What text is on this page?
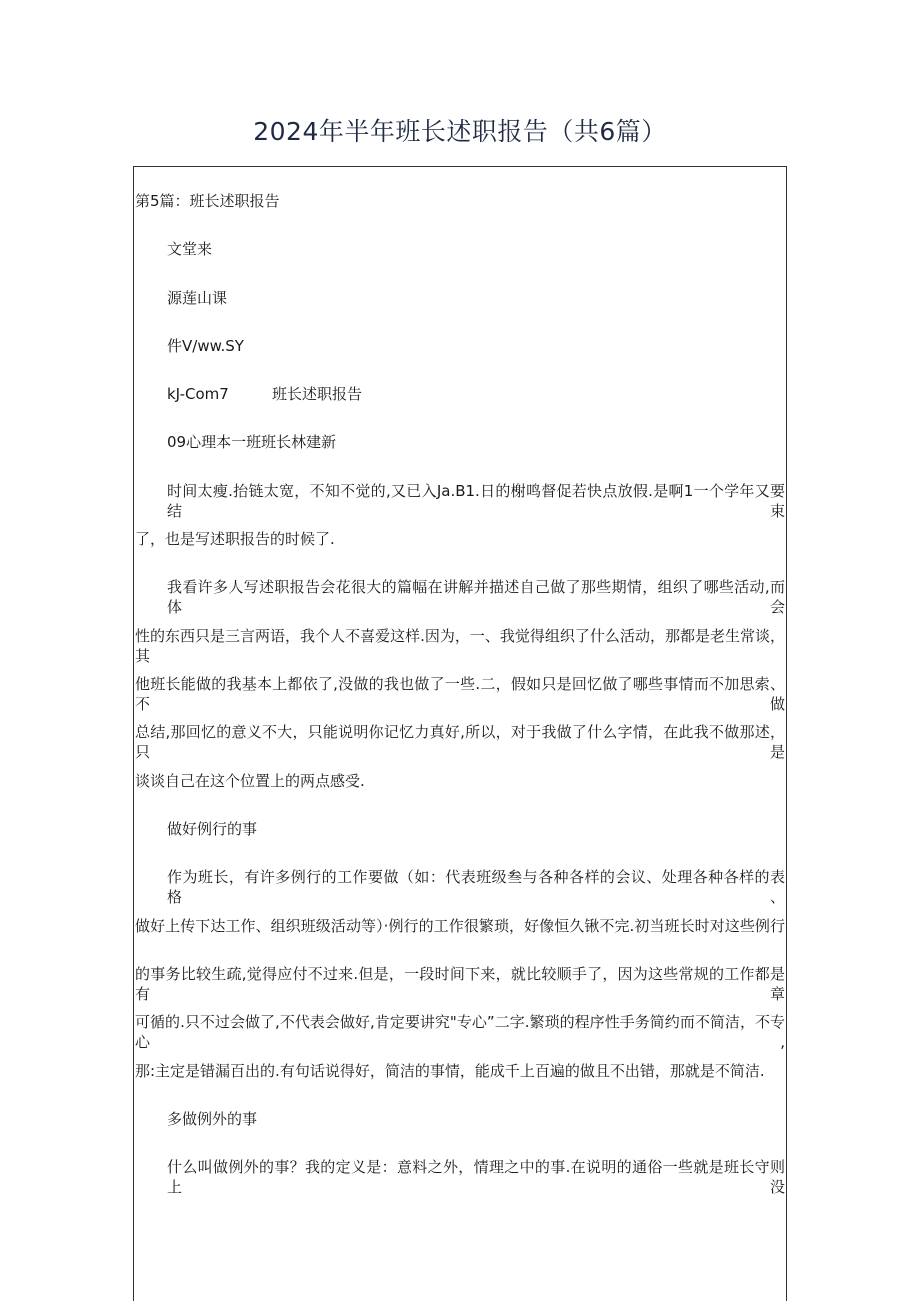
2024年半年班长述职报告（共6篇）
第5篇：班长述职报告
文堂来
源莲山课
件V/ww.SY
kJ-Com7	班长述职报告
09心理本一班班长林建新
时间太瘦.抬链太宽，不知不觉的,又已入Ja.B1.日的榭鸣督促若快点放假.是啊1一个学年又要结束
了，也是写述职报告的时候了.
我看许多人写述职报告会花很大的篇幅在讲解并描述自己做了那些期情，组织了哪些活动,而体会
性的东西只是三言两语，我个人不喜爱这样.因为，一、我觉得组织了什么活动，那都是老生常谈，其
他班长能做的我基本上都依了,没做的我也做了一些.二，假如只是回忆做了哪些事情而不加思索、不做
总结,那回忆的意义不大，只能说明你记忆力真好,所以，对于我做了什么字情，在此我不做那述，只是
谈谈自己在这个位置上的两点感受.
做好例行的事
作为班长，有许多例行的工作要做（如：代表班级叁与各种各样的会议、处理各种各样的表格、
做好上传下达工作、组织班级活动等）·例行的工作很繁琐，好像恒久锹不完.初当班长时对这些例行
的事务比较生疏,觉得应付不过来.但是，一段时间下来，就比较顺手了，因为这些常规的工作都是有章
可循的.只不过会做了,不代表会做好,肯定要讲究"专心”二字.繁琐的程序性手务简约而不简洁，不专心,
那:主定是错漏百出的.有句话说得好，简洁的事情，能成千上百遍的做且不出错，那就是不简洁.
多做例外的事
什么叫做例外的事？我的定义是：意料之外，情理之中的事.在说明的通俗一些就是班长守则上没
